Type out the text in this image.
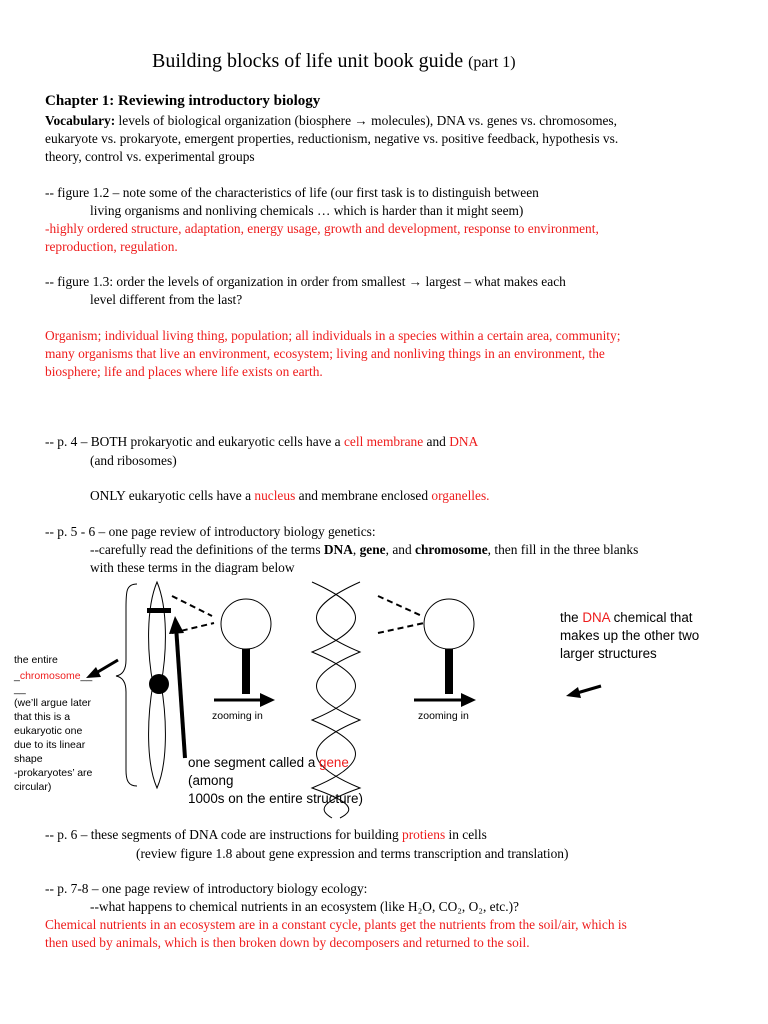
Building blocks of life unit book guide (part 1)
Chapter 1: Reviewing introductory biology
Vocabulary: levels of biological organization (biosphere → molecules), DNA vs. genes vs. chromosomes,
eukaryote vs. prokaryote, emergent properties, reductionism, negative vs. positive feedback, hypothesis vs.
theory, control vs. experimental groups
-- figure 1.2 – note some of the characteristics of life (our first task is to distinguish between
living organisms and nonliving chemicals … which is harder than it might seem)
-highly ordered structure, adaptation, energy usage, growth and development, response to environment,
reproduction, regulation.
-- figure 1.3: order the levels of organization in order from smallest → largest – what makes each
level different from the last?
Organism; individual living thing, population; all individuals in a species within a certain area, community;
many organisms that live an environment, ecosystem; living and nonliving things in an environment, the
biosphere; life and places where life exists on earth.
-- p. 4 – BOTH prokaryotic and eukaryotic cells have a cell membrane and DNA
(and ribosomes)
ONLY eukaryotic cells have a nucleus and membrane enclosed organelles.
-- p. 5 - 6 – one page review of introductory biology genetics:
--carefully read the definitions of the terms DNA, gene, and chromosome, then fill in the three blanks
with these terms in the diagram below
the entire
_chromosome__
__
(we’ll argue later
that this is a
eukaryotic one
due to its linear
shape
-prokaryotes’ are
circular)
zooming in	zooming in
one segment called a gene
(among
1000s on the entire structure)
the DNA chemical that
makes up the other two
larger structures
-- p. 6 – these segments of DNA code are instructions for building protiens in cells
(review figure 1.8 about gene expression and terms transcription and translation)
-- p. 7-8 – one page review of introductory biology ecology:
--what happens to chemical nutrients in an ecosystem (like H₂O, CO₂, O₂, etc.)?
Chemical nutrients in an ecosystem are in a constant cycle, plants get the nutrients from the soil/air, which is
then used by animals, which is then broken down by decomposers and returned to the soil.
